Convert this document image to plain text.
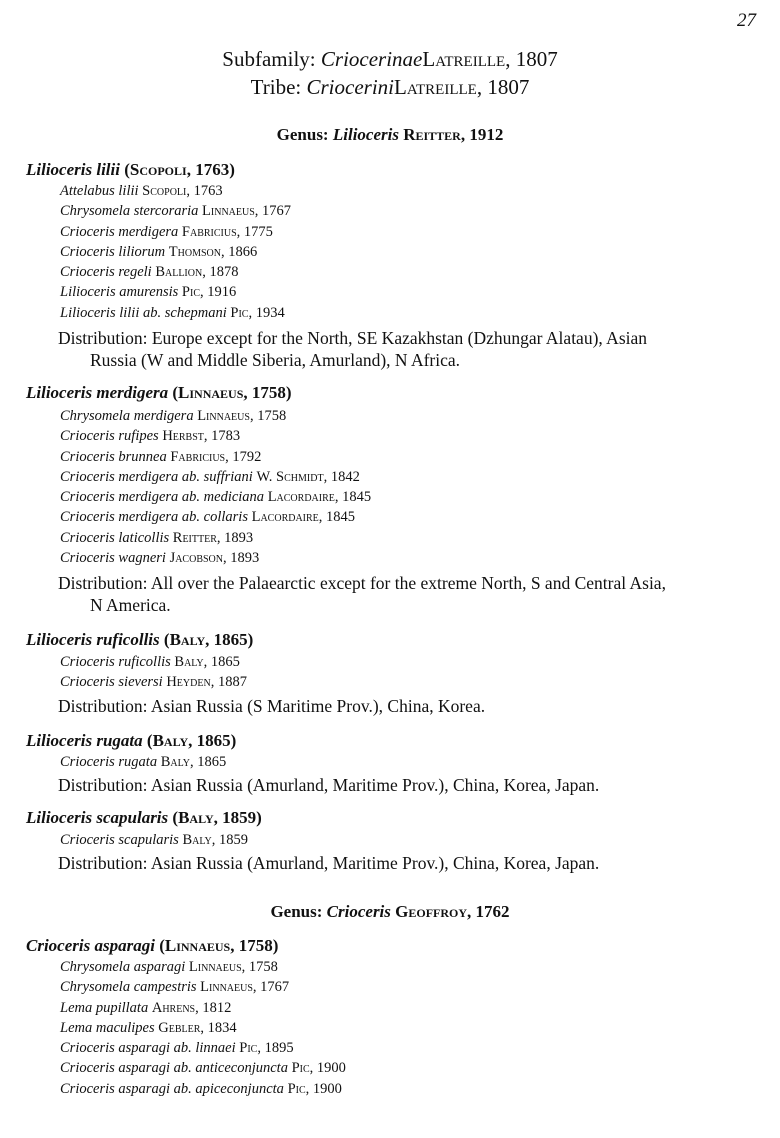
27
Subfamily: CriocerinaeLatreille, 1807
Tribe: CrioceriniLatreille, 1807
Genus: Lilioceris Reitter, 1912
Lilioceris lilii (Scopoli, 1763)
Attelabus lilii Scopoli, 1763
Chrysomela stercoraria Linnaeus, 1767
Crioceris merdigera Fabricius, 1775
Crioceris liliorum Thomson, 1866
Crioceris regeli Ballion, 1878
Lilioceris amurensis Pic, 1916
Lilioceris lilii ab. schepmani Pic, 1934
Distribution: Europe except for the North, SE Kazakhstan (Dzhungar Alatau), Asian
Russia (W and Middle Siberia, Amurland), N Africa.
Lilioceris merdigera (Linnaeus, 1758)
Chrysomela merdigera Linnaeus, 1758
Crioceris rufipes Herbst, 1783
Crioceris brunnea Fabricius, 1792
Crioceris merdigera ab. suffriani W. Schmidt, 1842
Crioceris merdigera ab. mediciana Lacordaire, 1845
Crioceris merdigera ab. collaris Lacordaire, 1845
Crioceris laticollis Reitter, 1893
Crioceris wagneri Jacobson, 1893
Distribution: All over the Palaearctic except for the extreme North, S and Central Asia,
N America.
Lilioceris ruficollis (Baly, 1865)
Crioceris ruficollis Baly, 1865
Crioceris sieversi Heyden, 1887
Distribution: Asian Russia (S Maritime Prov.), China, Korea.
Lilioceris rugata (Baly, 1865)
Crioceris rugata Baly, 1865
Distribution: Asian Russia (Amurland, Maritime Prov.), China, Korea, Japan.
Lilioceris scapularis (Baly, 1859)
Crioceris scapularis Baly, 1859
Distribution: Asian Russia (Amurland, Maritime Prov.), China, Korea, Japan.
Genus: Crioceris Geoffroy, 1762
Crioceris asparagi (Linnaeus, 1758)
Chrysomela asparagi Linnaeus, 1758
Chrysomela campestris Linnaeus, 1767
Lema pupillata Ahrens, 1812
Lema maculipes Gebler, 1834
Crioceris asparagi ab. linnaei Pic, 1895
Crioceris asparagi ab. anticeconjuncta Pic, 1900
Crioceris asparagi ab. apiceconjuncta Pic, 1900
